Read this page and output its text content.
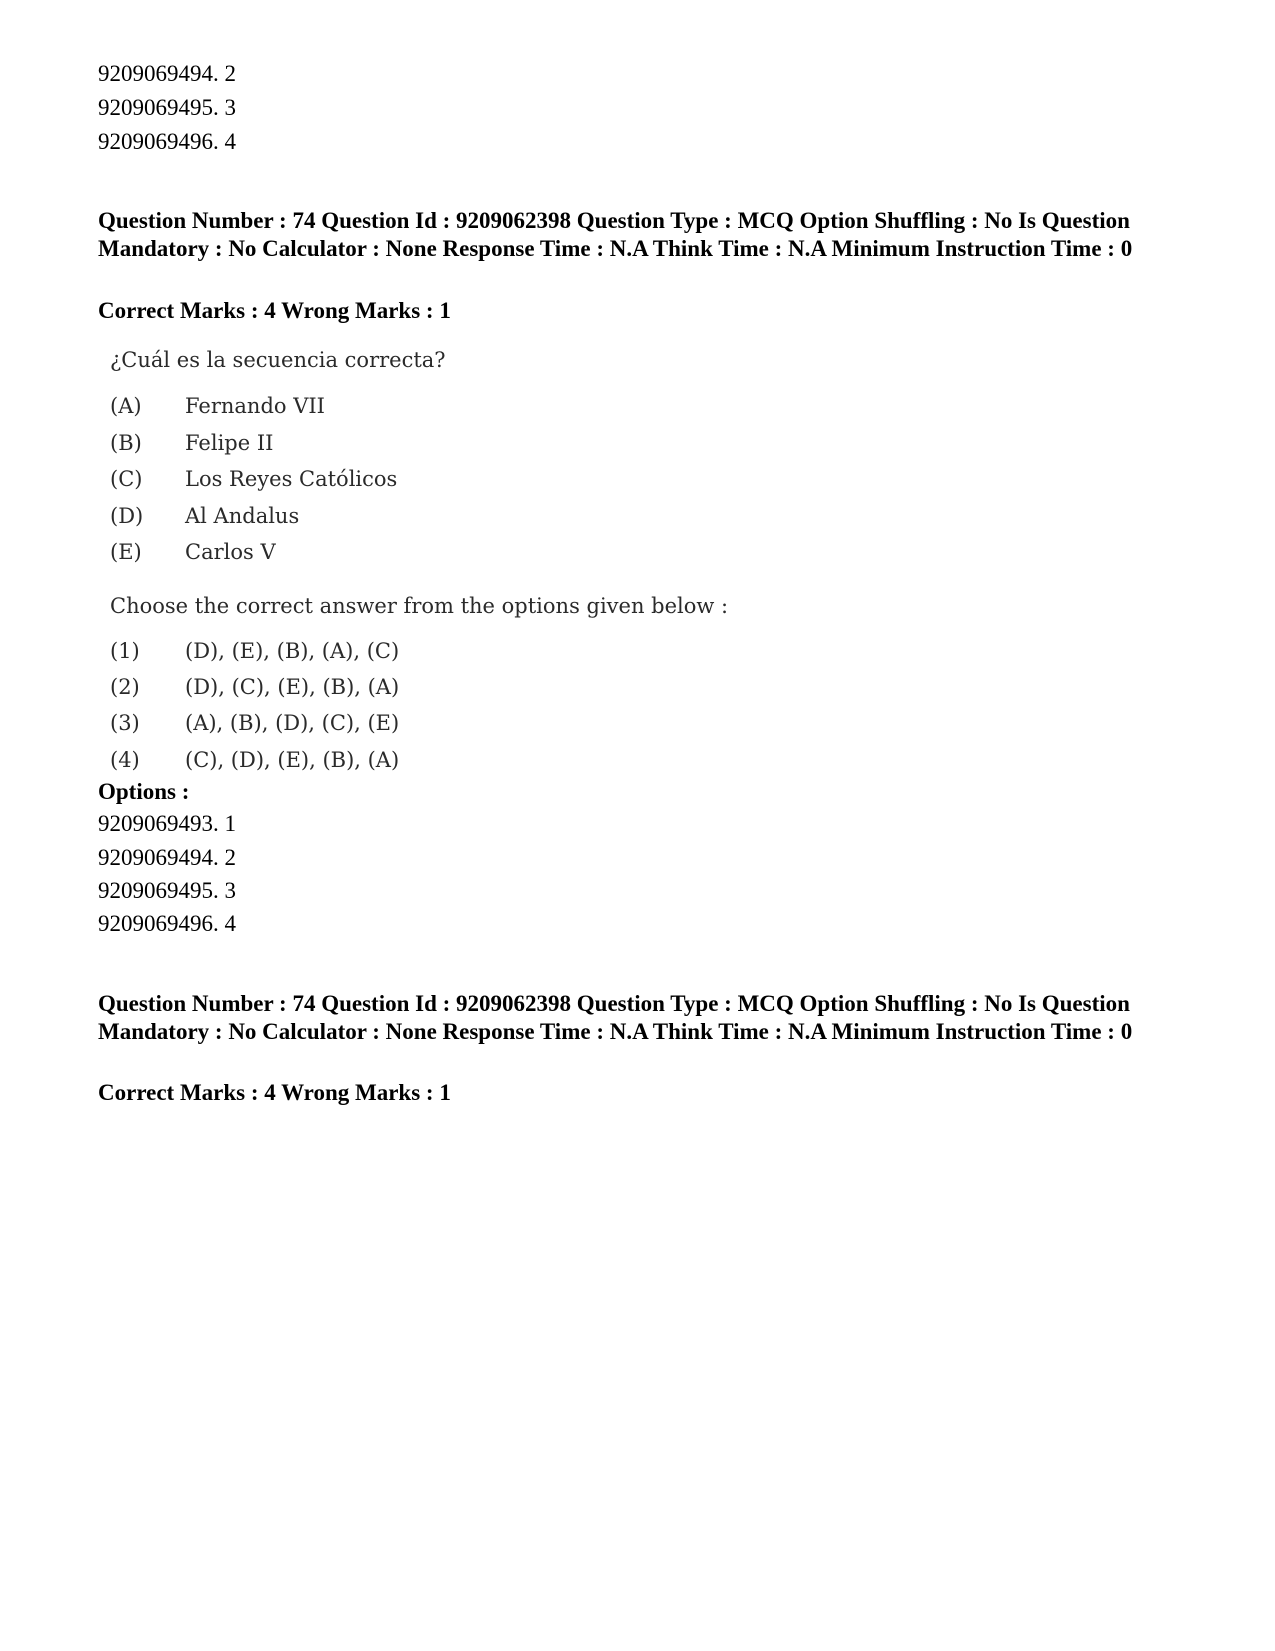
9209069494. 2
9209069495. 3
9209069496. 4
Question Number : 74 Question Id : 9209062398 Question Type : MCQ Option Shuffling : No Is Question Mandatory : No Calculator : None Response Time : N.A Think Time : N.A Minimum Instruction Time : 0
Correct Marks : 4 Wrong Marks : 1
¿Cuál es la secuencia correcta?
(A) Fernando VII
(B) Felipe II
(C) Los Reyes Católicos
(D) Al Andalus
(E) Carlos V
Choose the correct answer from the options given below :
(1) (D), (E), (B), (A), (C)
(2) (D), (C), (E), (B), (A)
(3) (A), (B), (D), (C), (E)
(4) (C), (D), (E), (B), (A)
Options :
9209069493. 1
9209069494. 2
9209069495. 3
9209069496. 4
Question Number : 74 Question Id : 9209062398 Question Type : MCQ Option Shuffling : No Is Question Mandatory : No Calculator : None Response Time : N.A Think Time : N.A Minimum Instruction Time : 0
Correct Marks : 4 Wrong Marks : 1
